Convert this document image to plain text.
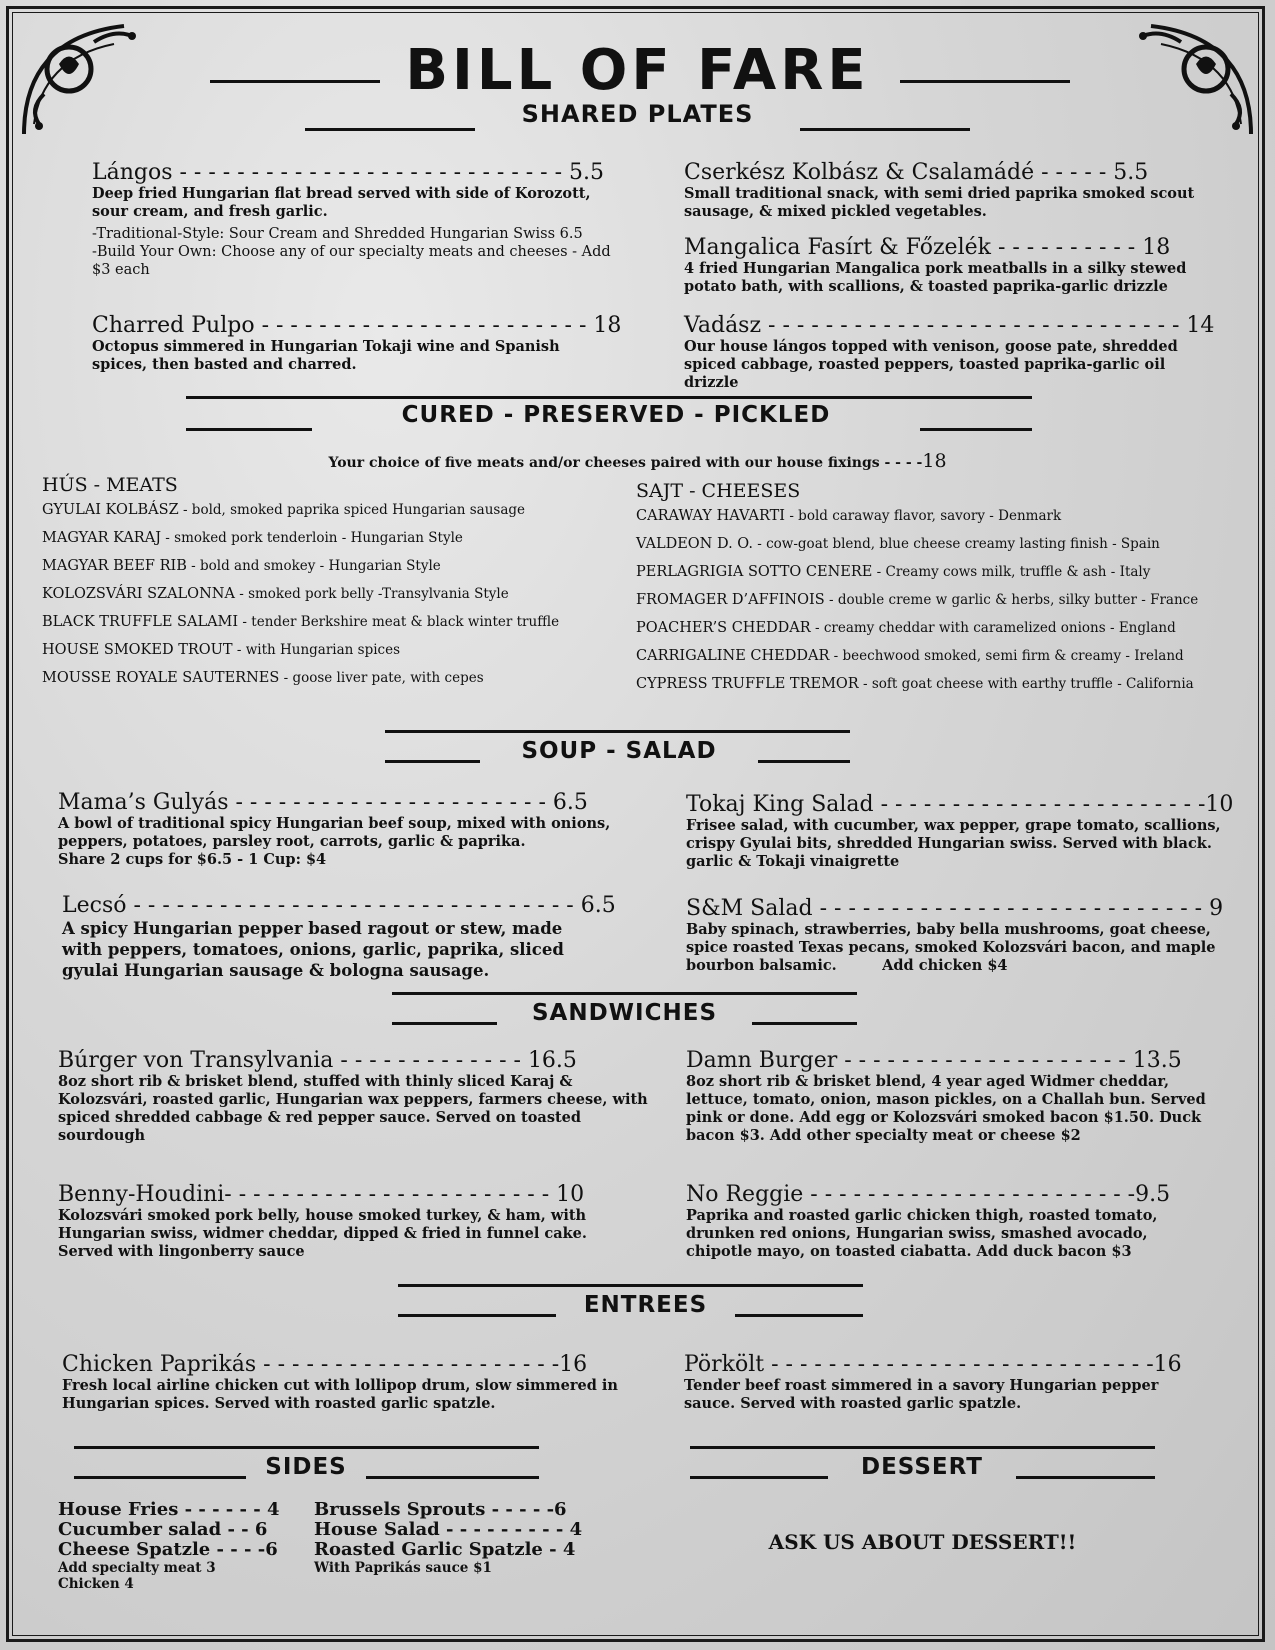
BILL OF FARE
SHARED PLATES
Lángos - - - - - - - - - - - - - - - - - - - - - - - - - - - 5.5
Deep fried Hungarian flat bread served with side of Korozott, sour cream, and fresh garlic.
-Traditional-Style: Sour Cream and Shredded Hungarian Swiss 6.5
-Build Your Own: Choose any of our specialty meats and cheeses - Add $3 each
Charred Pulpo - - - - - - - - - - - - - - - - - - - - - - - 18
Octopus simmered in Hungarian Tokaji wine and Spanish spices, then basted and charred.
Cserkész Kolbász & Csalamádé - - - - - 5.5
Small traditional snack, with semi dried paprika smoked scout sausage, & mixed pickled vegetables.
Mangalica Fasírt & Főzelék - - - - - - - - - - 18
4 fried Hungarian Mangalica pork meatballs in a silky stewed potato bath, with scallions, & toasted paprika-garlic drizzle
Vadász - - - - - - - - - - - - - - - - - - - - - - - - - - - - - 14
Our house lángos topped with venison, goose pate, shredded spiced cabbage, roasted peppers, toasted paprika-garlic oil drizzle
CURED - PRESERVED - PICKLED
Your choice of five meats and/or cheeses paired with our house fixings - - - -18
HÚS - MEATS
GYULAI KOLBÁSZ - bold, smoked paprika spiced Hungarian sausage
MAGYAR KARAJ - smoked pork tenderloin - Hungarian Style
MAGYAR BEEF RIB - bold and smokey - Hungarian Style
KOLOZSVÁRI SZALONNA - smoked pork belly -Transylvania Style
BLACK TRUFFLE SALAMI - tender Berkshire meat & black winter truffle
HOUSE SMOKED TROUT - with Hungarian spices
MOUSSE ROYALE SAUTERNES - goose liver pate, with cepes
SAJT - CHEESES
CARAWAY HAVARTI - bold caraway flavor, savory - Denmark
VALDEON D. O. - cow-goat blend, blue cheese creamy lasting finish - Spain
PERLAGRIGIA SOTTO CENERE - Creamy cows milk, truffle & ash - Italy
FROMAGER D’AFFINOIS - double creme w garlic & herbs, silky butter - France
POACHER’S CHEDDAR - creamy cheddar with caramelized onions - England
CARRIGALINE CHEDDAR - beechwood smoked, semi firm & creamy - Ireland
CYPRESS TRUFFLE TREMOR - soft goat cheese with earthy truffle - California
SOUP - SALAD
Mama’s Gulyás - - - - - - - - - - - - - - - - - - - - - - 6.5
A bowl of traditional spicy Hungarian beef soup, mixed with onions, peppers, potatoes, parsley root, carrots, garlic & paprika.
Share 2 cups for $6.5 - 1 Cup: $4
Lecsó - - - - - - - - - - - - - - - - - - - - - - - - - - - - - - - 6.5
A spicy Hungarian pepper based ragout or stew, made with peppers, tomatoes, onions, garlic, paprika, sliced gyulai Hungarian sausage & bologna sausage.
Tokaj King Salad - - - - - - - - - - - - - - - - - - - - - - -10
Frisee salad, with cucumber, wax pepper, grape tomato, scallions, crispy Gyulai bits, shredded Hungarian swiss. Served with black. garlic & Tokaji vinaigrette
S&M Salad - - - - - - - - - - - - - - - - - - - - - - - - - - - 9
Baby spinach, strawberries, baby bella mushrooms, goat cheese, spice roasted Texas pecans, smoked Kolozsvári bacon, and maple bourbon balsamic.	Add chicken $4
SANDWICHES
Búrger von Transylvania - - - - - - - - - - - - - 16.5
8oz short rib & brisket blend, stuffed with thinly sliced Karaj & Kolozsvári, roasted garlic, Hungarian wax peppers, farmers cheese, with spiced shredded cabbage & red pepper sauce. Served on toasted sourdough
Damn Burger - - - - - - - - - - - - - - - - - - - - 13.5
8oz short rib & brisket blend, 4 year aged Widmer cheddar, lettuce, tomato, onion, mason pickles, on a Challah bun. Served pink or done. Add egg or Kolozsvári smoked bacon $1.50. Duck bacon $3. Add other specialty meat or cheese $2
Benny-Houdini- - - - - - - - - - - - - - - - - - - - - - - 10
Kolozsvári smoked pork belly, house smoked turkey, & ham, with Hungarian swiss, widmer cheddar, dipped & fried in funnel cake. Served with lingonberry sauce
No Reggie - - - - - - - - - - - - - - - - - - - - - - -9.5
Paprika and roasted garlic chicken thigh, roasted tomato, drunken red onions, Hungarian swiss, smashed avocado, chipotle mayo, on toasted ciabatta. Add duck bacon $3
ENTREES
Chicken Paprikás - - - - - - - - - - - - - - - - - - - - -16
Fresh local airline chicken cut with lollipop drum, slow simmered in Hungarian spices. Served with roasted garlic spatzle.
Pörkölt - - - - - - - - - - - - - - - - - - - - - - - - - - -16
Tender beef roast simmered in a savory Hungarian pepper sauce. Served with roasted garlic spatzle.
SIDES	DESSERT
House Fries - - - - - - 4
Cucumber salad - - 6
Cheese Spatzle - - - -6
Add specialty meat 3
Chicken 4
Brussels Sprouts - - - - -6
House Salad - - - - - - - - - 4
Roasted Garlic Spatzle - 4
With Paprikás sauce $1
ASK US ABOUT DESSERT!!
